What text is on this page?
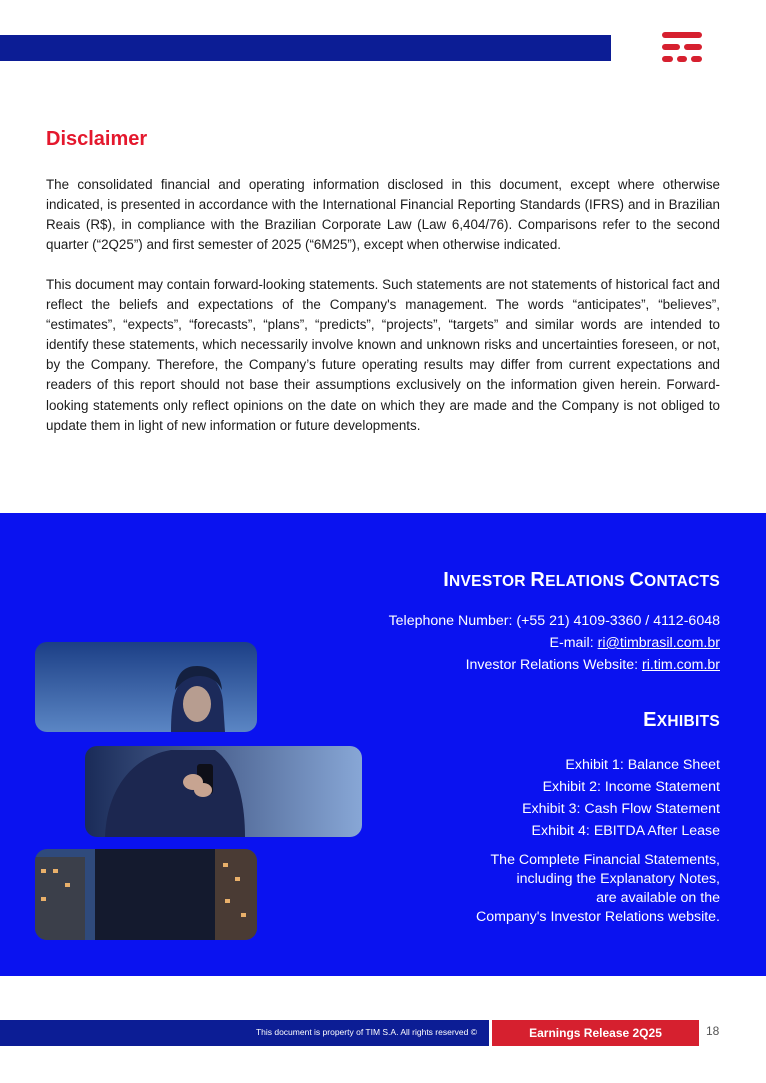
Disclaimer

The consolidated financial and operating information disclosed in this document, except where otherwise indicated, is presented in accordance with the International Financial Reporting Standards (IFRS) and in Brazilian Reais (R$), in compliance with the Brazilian Corporate Law (Law 6,404/76). Comparisons refer to the second quarter (“2Q25”) and first semester of 2025 (“6M25”), except when otherwise indicated.

This document may contain forward-looking statements. Such statements are not statements of historical fact and reflect the beliefs and expectations of the Company's management. The words “anticipates”, “believes”, “estimates”, “expects”, “forecasts”, “plans”, “predicts”, “projects”, “targets” and similar words are intended to identify these statements, which necessarily involve known and unknown risks and uncertainties foreseen, or not, by the Company. Therefore, the Company’s future operating results may differ from current expectations and readers of this report should not base their assumptions exclusively on the information given herein. Forward-looking statements only reflect opinions on the date on which they are made and the Company is not obliged to update them in light of new information or future developments.

INVESTOR RELATIONS CONTACTS
Telephone Number: (+55 21) 4109-3360 / 4112-6048
E-mail: ri@timbrasil.com.br
Investor Relations Website: ri.tim.com.br
EXHIBITS
Exhibit 1: Balance Sheet
Exhibit 2: Income Statement
Exhibit 3: Cash Flow Statement
Exhibit 4: EBITDA After Lease
The Complete Financial Statements,
including the Explanatory Notes,
are available on the
Company's Investor Relations website.
This document is property of TIM S.A. All rights reserved ©	Earnings Release 2Q25	18
